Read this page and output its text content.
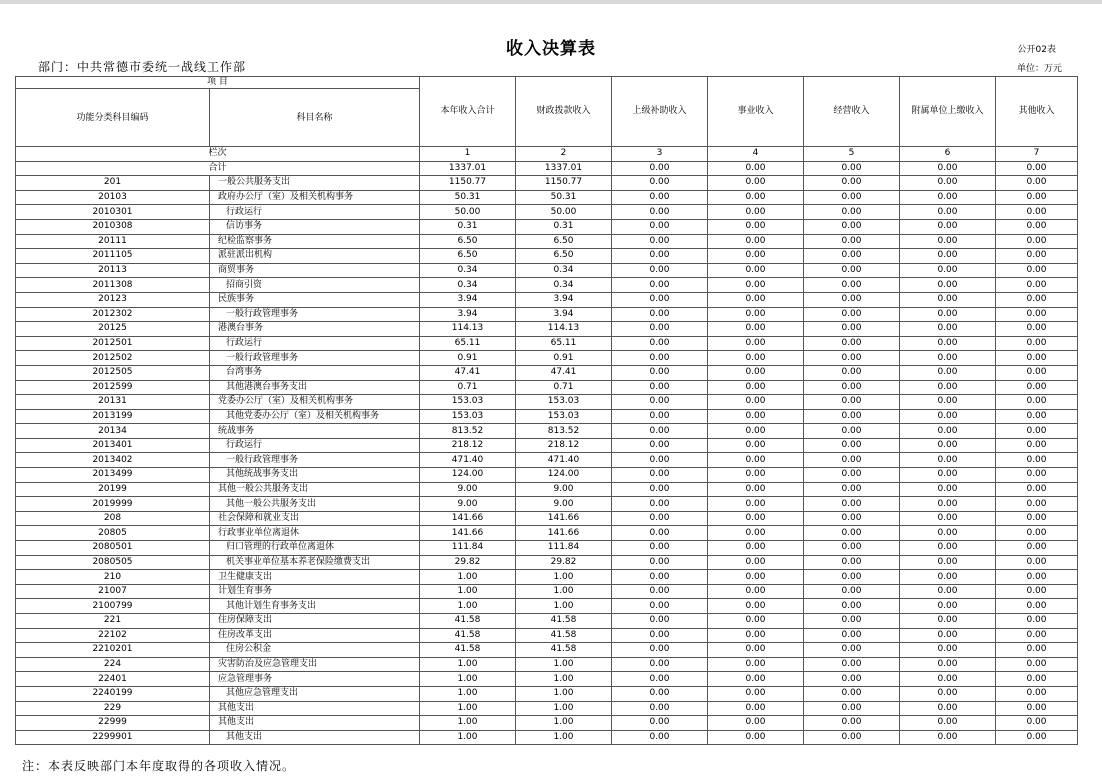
收入决算表	公开02表
部门：中共常德市委统一战线工作部	单位：万元
项 目		本年收入合计	财政拨款收入	上级补助收入	事业收入	经营收入	附属单位上缴收入	其他收入
功能分类科目编码	科目名称							
栏次		1	2	3	4	5	6	7
合计		1337.01	1337.01	0.00	0.00	0.00	0.00	0.00
201	一般公共服务支出	1150.77	1150.77	0.00	0.00	0.00	0.00	0.00
20103	政府办公厅（室）及相关机构事务	50.31	50.31	0.00	0.00	0.00	0.00	0.00
2010301	行政运行	50.00	50.00	0.00	0.00	0.00	0.00	0.00
2010308	信访事务	0.31	0.31	0.00	0.00	0.00	0.00	0.00
20111	纪检监察事务	6.50	6.50	0.00	0.00	0.00	0.00	0.00
2011105	派驻派出机构	6.50	6.50	0.00	0.00	0.00	0.00	0.00
20113	商贸事务	0.34	0.34	0.00	0.00	0.00	0.00	0.00
2011308	招商引资	0.34	0.34	0.00	0.00	0.00	0.00	0.00
20123	民族事务	3.94	3.94	0.00	0.00	0.00	0.00	0.00
2012302	一般行政管理事务	3.94	3.94	0.00	0.00	0.00	0.00	0.00
20125	港澳台事务	114.13	114.13	0.00	0.00	0.00	0.00	0.00
2012501	行政运行	65.11	65.11	0.00	0.00	0.00	0.00	0.00
2012502	一般行政管理事务	0.91	0.91	0.00	0.00	0.00	0.00	0.00
2012505	台湾事务	47.41	47.41	0.00	0.00	0.00	0.00	0.00
2012599	其他港澳台事务支出	0.71	0.71	0.00	0.00	0.00	0.00	0.00
20131	党委办公厅（室）及相关机构事务	153.03	153.03	0.00	0.00	0.00	0.00	0.00
2013199	其他党委办公厅（室）及相关机构事务	153.03	153.03	0.00	0.00	0.00	0.00	0.00
20134	统战事务	813.52	813.52	0.00	0.00	0.00	0.00	0.00
2013401	行政运行	218.12	218.12	0.00	0.00	0.00	0.00	0.00
2013402	一般行政管理事务	471.40	471.40	0.00	0.00	0.00	0.00	0.00
2013499	其他统战事务支出	124.00	124.00	0.00	0.00	0.00	0.00	0.00
20199	其他一般公共服务支出	9.00	9.00	0.00	0.00	0.00	0.00	0.00
2019999	其他一般公共服务支出	9.00	9.00	0.00	0.00	0.00	0.00	0.00
208	社会保障和就业支出	141.66	141.66	0.00	0.00	0.00	0.00	0.00
20805	行政事业单位离退休	141.66	141.66	0.00	0.00	0.00	0.00	0.00
2080501	归口管理的行政单位离退休	111.84	111.84	0.00	0.00	0.00	0.00	0.00
2080505	机关事业单位基本养老保险缴费支出	29.82	29.82	0.00	0.00	0.00	0.00	0.00
210	卫生健康支出	1.00	1.00	0.00	0.00	0.00	0.00	0.00
21007	计划生育事务	1.00	1.00	0.00	0.00	0.00	0.00	0.00
2100799	其他计划生育事务支出	1.00	1.00	0.00	0.00	0.00	0.00	0.00
221	住房保障支出	41.58	41.58	0.00	0.00	0.00	0.00	0.00
22102	住房改革支出	41.58	41.58	0.00	0.00	0.00	0.00	0.00
2210201	住房公积金	41.58	41.58	0.00	0.00	0.00	0.00	0.00
224	灾害防治及应急管理支出	1.00	1.00	0.00	0.00	0.00	0.00	0.00
22401	应急管理事务	1.00	1.00	0.00	0.00	0.00	0.00	0.00
2240199	其他应急管理支出	1.00	1.00	0.00	0.00	0.00	0.00	0.00
229	其他支出	1.00	1.00	0.00	0.00	0.00	0.00	0.00
22999	其他支出	1.00	1.00	0.00	0.00	0.00	0.00	0.00
2299901	其他支出	1.00	1.00	0.00	0.00	0.00	0.00	0.00
注：本表反映部门本年度取得的各项收入情况。
